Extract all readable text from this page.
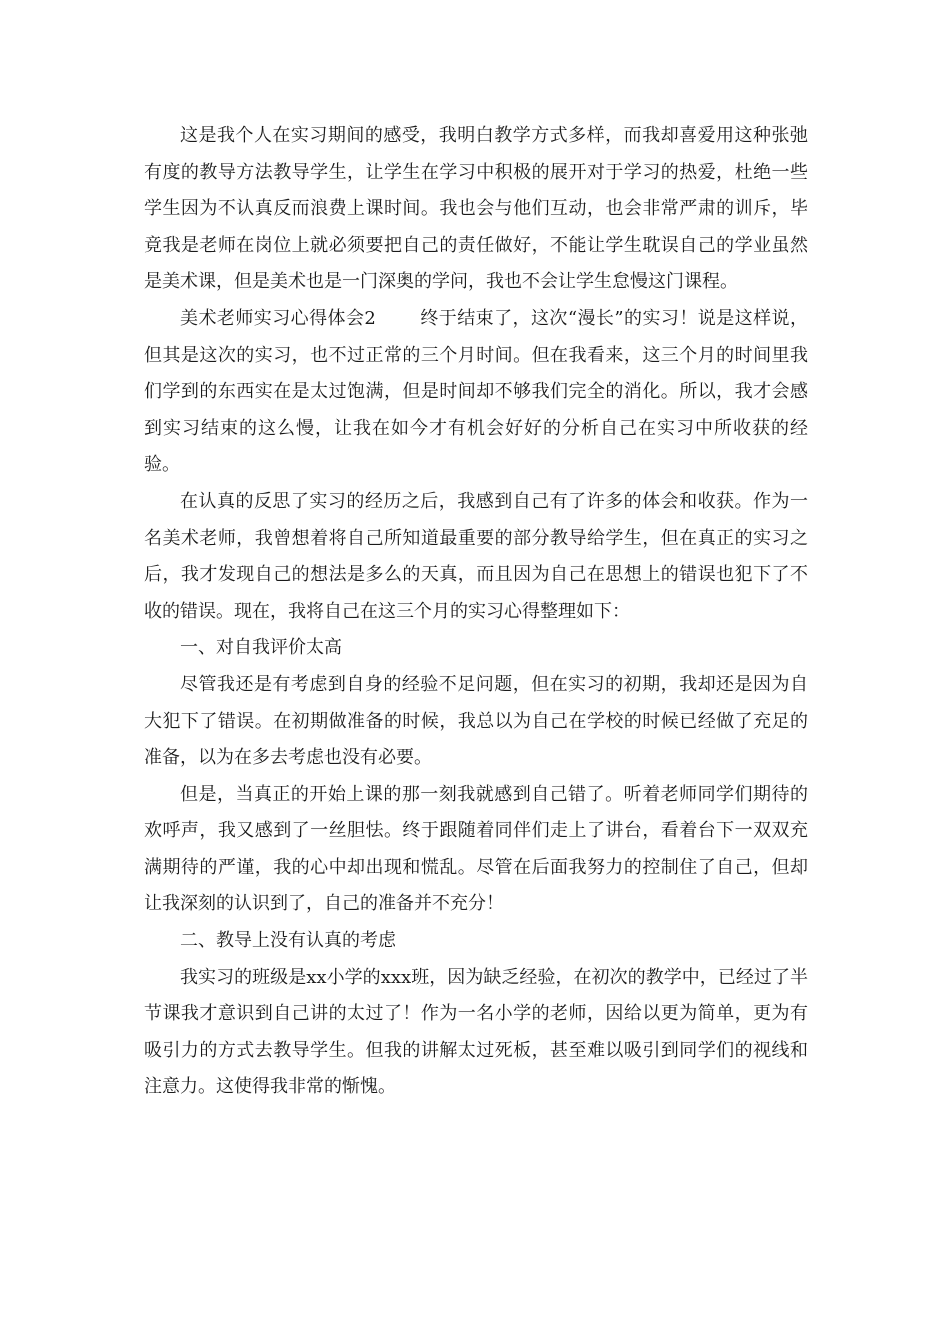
这是我个人在实习期间的感受，我明白教学方式多样，而我却喜爱用这种张弛有度的教导方法教导学生，让学生在学习中积极的展开对于学习的热爱，杜绝一些学生因为不认真反而浪费上课时间。我也会与他们互动，也会非常严肃的训斥，毕竟我是老师在岗位上就必须要把自己的责任做好，不能让学生耽误自己的学业虽然是美术课，但是美术也是一门深奥的学问，我也不会让学生怠慢这门课程。

美术老师实习心得体会2 终于结束了，这次“漫长”的实习！说是这样说，但其是这次的实习，也不过正常的三个月时间。但在我看来，这三个月的时间里我们学到的东西实在是太过饱满，但是时间却不够我们完全的消化。所以，我才会感到实习结束的这么慢，让我在如今才有机会好好的分析自己在实习中所收获的经验。

在认真的反思了实习的经历之后，我感到自己有了许多的体会和收获。作为一名美术老师，我曾想着将自己所知道最重要的部分教导给学生，但在真正的实习之后，我才发现自己的想法是多么的天真，而且因为自己在思想上的错误也犯下了不收的错误。现在，我将自己在这三个月的实习心得整理如下：

一、对自我评价太高

尽管我还是有考虑到自身的经验不足问题，但在实习的初期，我却还是因为自大犯下了错误。在初期做准备的时候，我总以为自己在学校的时候已经做了充足的准备，以为在多去考虑也没有必要。

但是，当真正的开始上课的那一刻我就感到自己错了。听着老师同学们期待的欢呼声，我又感到了一丝胆怯。终于跟随着同伴们走上了讲台，看着台下一双双充满期待的严谨，我的心中却出现和慌乱。尽管在后面我努力的控制住了自己，但却让我深刻的认识到了，自己的准备并不充分！

二、教导上没有认真的考虑

我实习的班级是xx小学的xxx班，因为缺乏经验，在初次的教学中，已经过了半节课我才意识到自己讲的太过了！作为一名小学的老师，因给以更为简单，更为有吸引力的方式去教导学生。但我的讲解太过死板，甚至难以吸引到同学们的视线和注意力。这使得我非常的惭愧。
